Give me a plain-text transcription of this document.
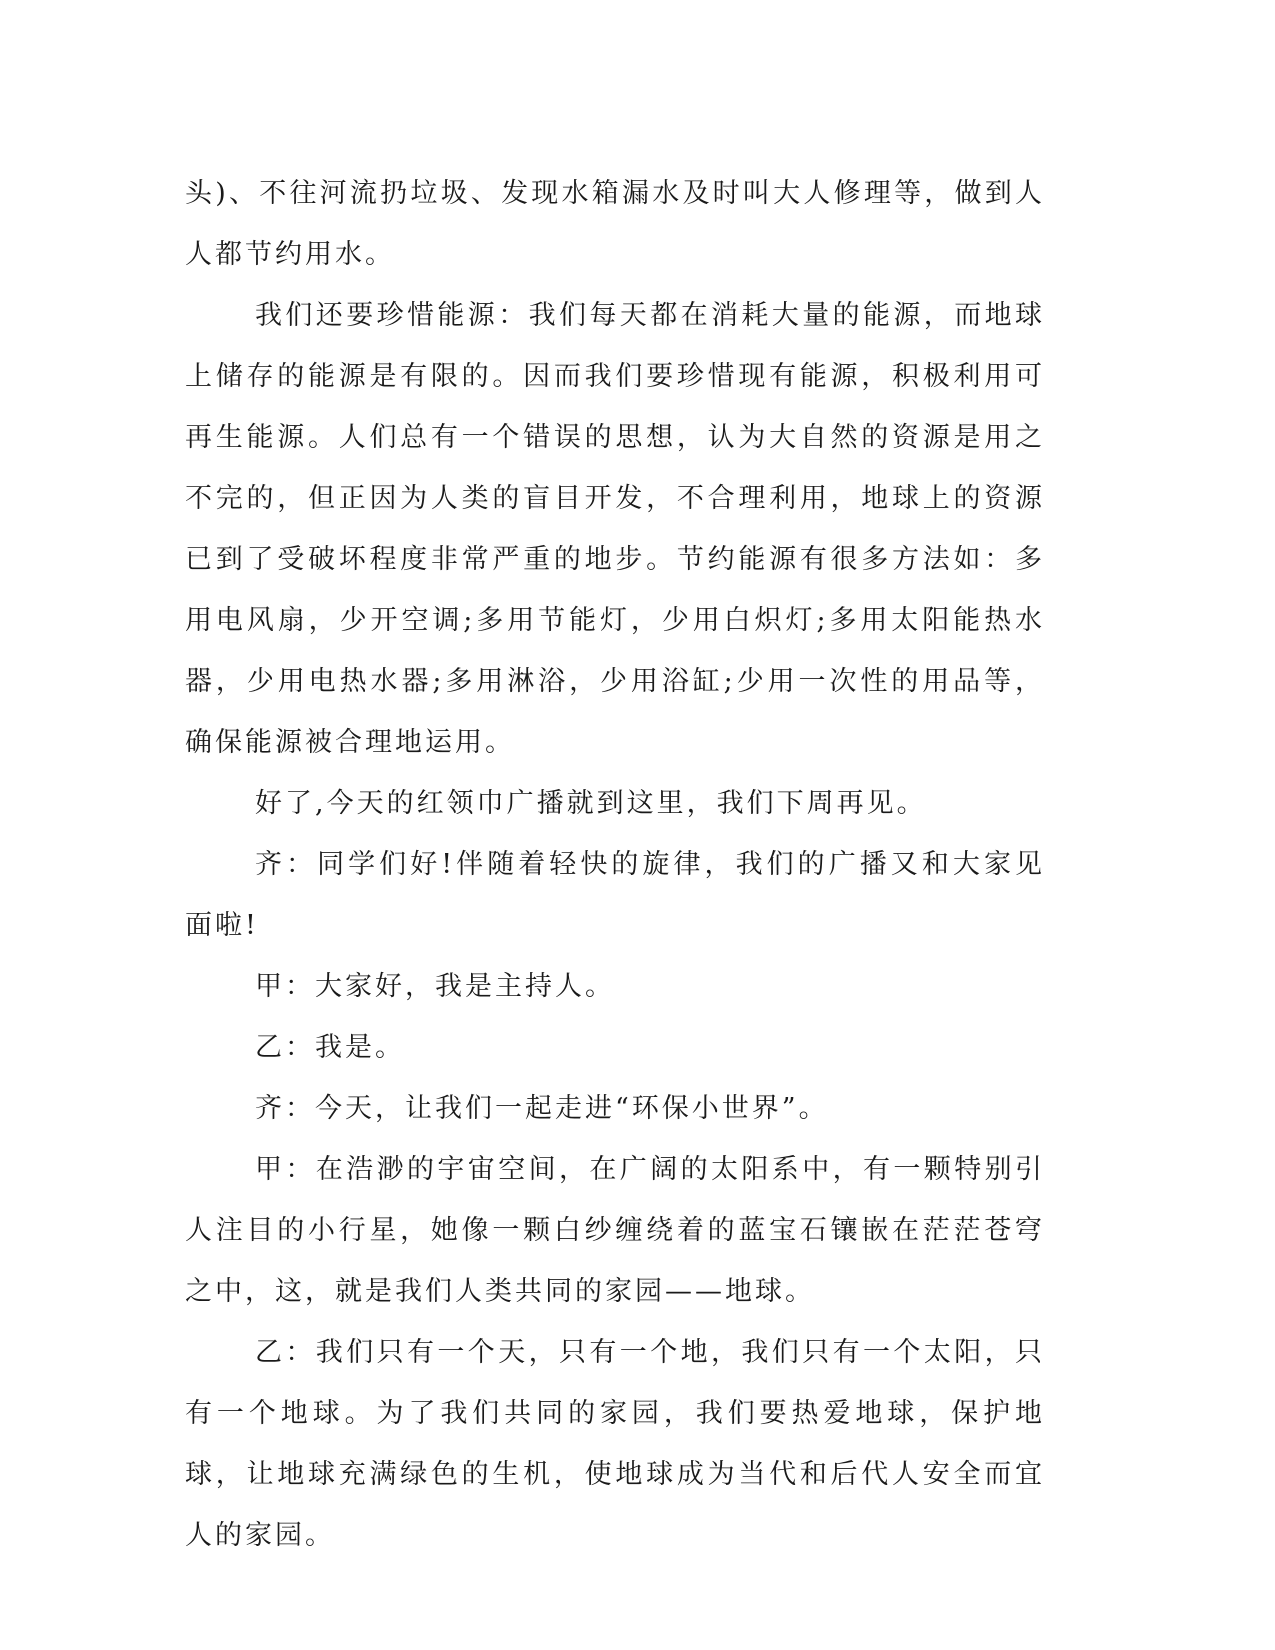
头)、不往河流扔垃圾、发现水箱漏水及时叫大人修理等，做到人人都节约用水。

我们还要珍惜能源：我们每天都在消耗大量的能源，而地球上储存的能源是有限的。因而我们要珍惜现有能源，积极利用可再生能源。人们总有一个错误的思想，认为大自然的资源是用之不完的，但正因为人类的盲目开发，不合理利用，地球上的资源已到了受破坏程度非常严重的地步。节约能源有很多方法如：多用电风扇，少开空调;多用节能灯，少用白炽灯;多用太阳能热水器，少用电热水器;多用淋浴，少用浴缸;少用一次性的用品等，确保能源被合理地运用。

好了,今天的红领巾广播就到这里，我们下周再见。

齐：同学们好!伴随着轻快的旋律，我们的广播又和大家见面啦!

甲：大家好，我是主持人。

乙：我是。

齐：今天，让我们一起走进“环保小世界”。

甲：在浩渺的宇宙空间，在广阔的太阳系中，有一颗特别引人注目的小行星，她像一颗白纱缠绕着的蓝宝石镶嵌在茫茫苍穹之中，这，就是我们人类共同的家园——地球。

乙：我们只有一个天，只有一个地，我们只有一个太阳，只有一个地球。为了我们共同的家园，我们要热爱地球，保护地球，让地球充满绿色的生机，使地球成为当代和后代人安全而宜人的家园。
